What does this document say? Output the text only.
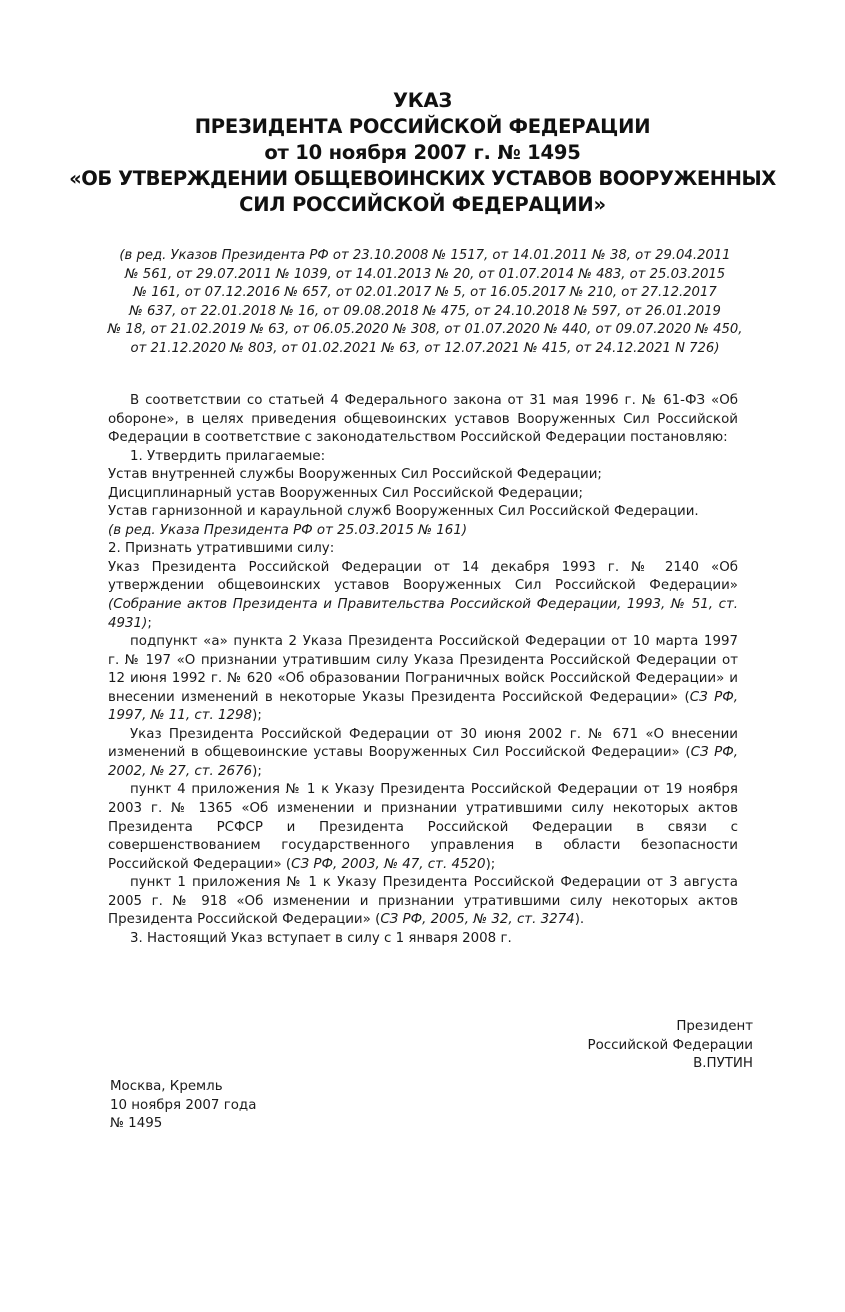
УКАЗ
ПРЕЗИДЕНТА РОССИЙСКОЙ ФЕДЕРАЦИИ
от 10 ноября 2007 г. № 1495
«ОБ УТВЕРЖДЕНИИ ОБЩЕВОИНСКИХ УСТАВОВ ВООРУЖЕННЫХ
СИЛ РОССИЙСКОЙ ФЕДЕРАЦИИ»
(в ред. Указов Президента РФ от 23.10.2008 № 1517, от 14.01.2011 № 38, от 29.04.2011
№ 561, от 29.07.2011 № 1039, от 14.01.2013 № 20, от 01.07.2014 № 483, от 25.03.2015
№ 161, от 07.12.2016 № 657, от 02.01.2017 № 5, от 16.05.2017 № 210, от 27.12.2017
№ 637, от 22.01.2018 № 16, от 09.08.2018 № 475, от 24.10.2018 № 597, от 26.01.2019
№ 18, от 21.02.2019 № 63, от 06.05.2020 № 308, от 01.07.2020 № 440, от 09.07.2020 № 450,
от 21.12.2020 № 803, от 01.02.2021 № 63, от 12.07.2021 № 415, от 24.12.2021 N 726)

В соответствии со статьей 4 Федерального закона от 31 мая 1996 г. № 61-ФЗ «Об обороне», в целях приведения общевоинских уставов Вооруженных Сил Российской Федерации в соответствие с законодательством Российской Федерации постановляю:

1. Утвердить прилагаемые:

Устав внутренней службы Вооруженных Сил Российской Федерации;

Дисциплинарный устав Вооруженных Сил Российской Федерации;

Устав гарнизонной и караульной служб Вооруженных Сил Российской Федерации.

(в ред. Указа Президента РФ от 25.03.2015 № 161)

2. Признать утратившими силу:

Указ Президента Российской Федерации от 14 декабря 1993 г. № 2140 «Об утверждении общевоинских уставов Вооруженных Сил Российской Федерации» (Собрание актов Президента и Правительства Российской Федерации, 1993, № 51, ст. 4931);

подпункт «а» пункта 2 Указа Президента Российской Федерации от 10 марта 1997 г. № 197 «О признании утратившим силу Указа Президента Российской Федерации от 12 июня 1992 г. № 620 «Об образовании Пограничных войск Российской Федерации» и внесении изменений в некоторые Указы Президента Российской Федерации» (СЗ РФ, 1997, № 11, ст. 1298);

Указ Президента Российской Федерации от 30 июня 2002 г. № 671 «О внесении изменений в общевоинские уставы Вооруженных Сил Российской Федерации» (СЗ РФ, 2002, № 27, ст. 2676);

пункт 4 приложения № 1 к Указу Президента Российской Федерации от 19 ноября 2003 г. № 1365 «Об изменении и признании утратившими силу некоторых актов Президента РСФСР и Президента Российской Федерации в связи с совершенствованием государственного управления в области безопасности Российской Федерации» (СЗ РФ, 2003, № 47, ст. 4520);

пункт 1 приложения № 1 к Указу Президента Российской Федерации от 3 августа 2005 г. № 918 «Об изменении и признании утратившими силу некоторых актов Президента Российской Федерации» (СЗ РФ, 2005, № 32, ст. 3274).

3. Настоящий Указ вступает в силу с 1 января 2008 г.

Президент
Российской Федерации
В.ПУТИН
Москва, Кремль
10 ноября 2007 года
№ 1495
